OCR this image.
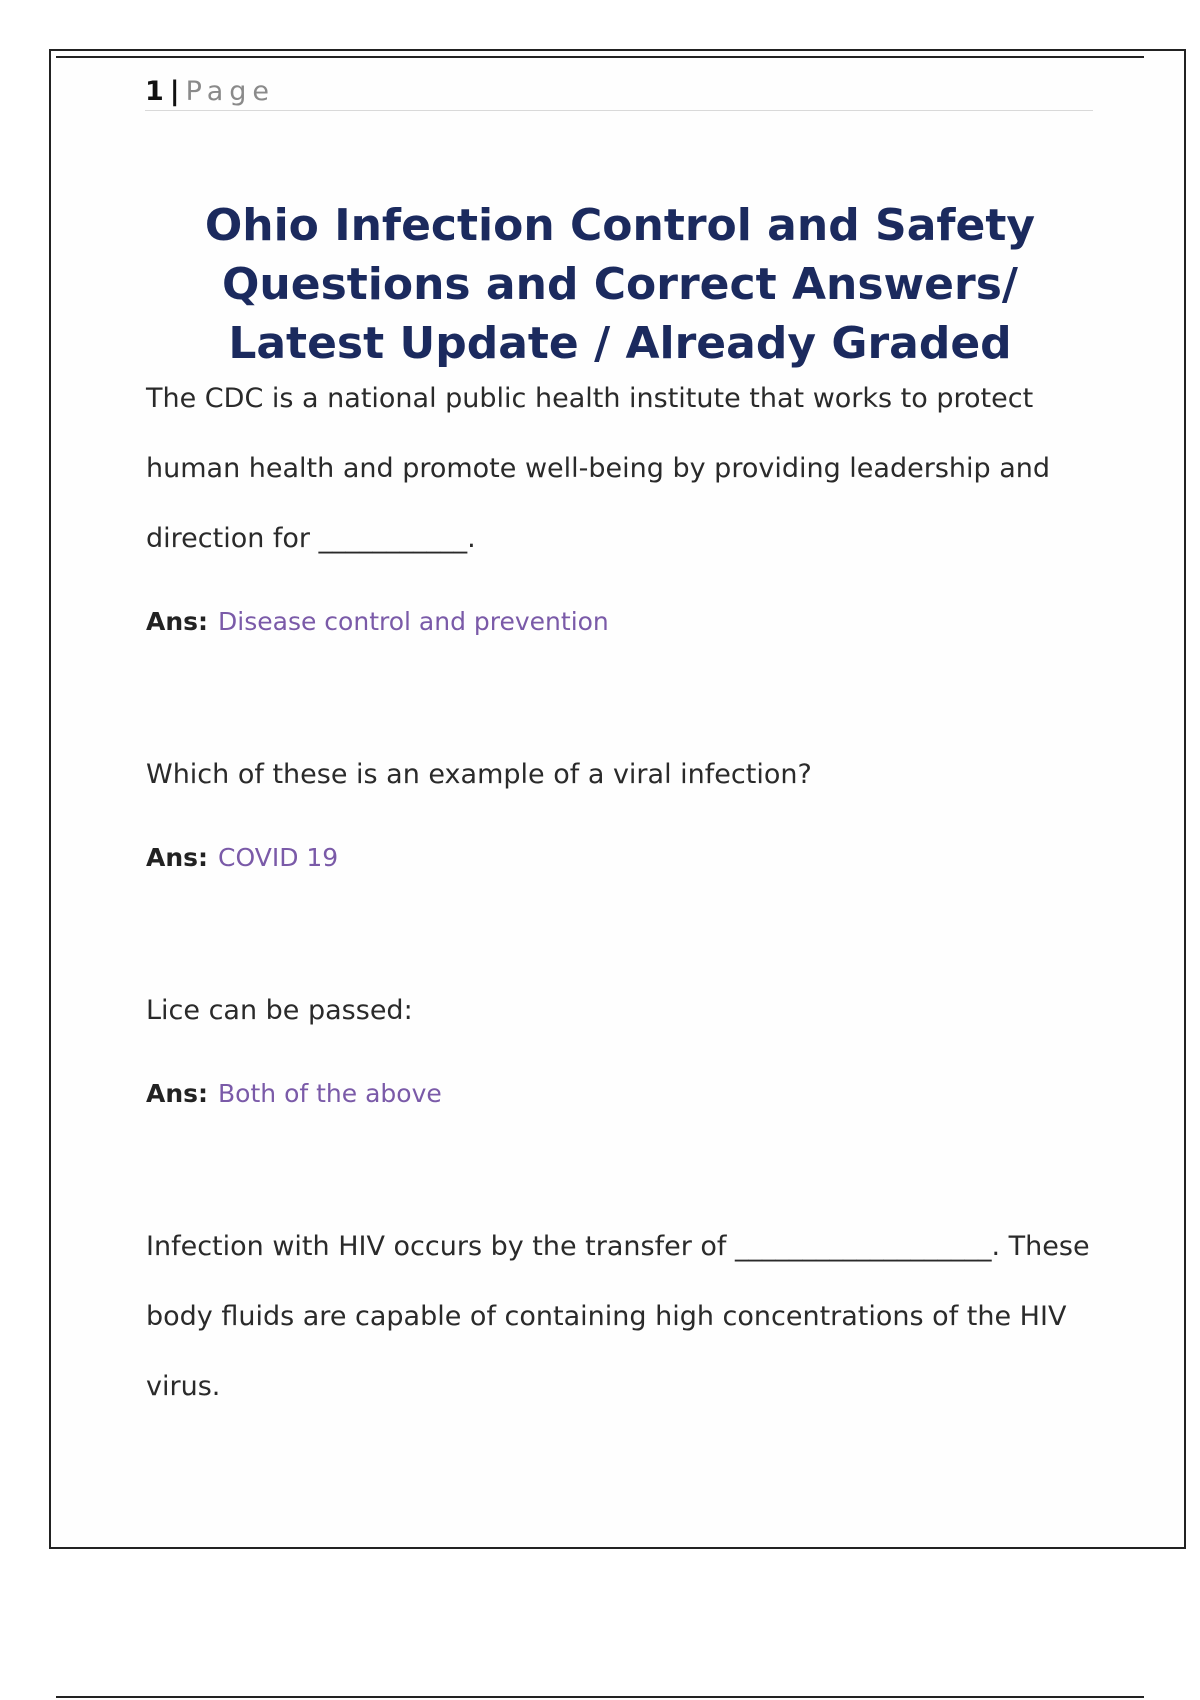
1 | Page
Ohio Infection Control and Safety Questions and Correct Answers/ Latest Update / Already Graded

The CDC is a national public health institute that works to protect human health and promote well-being by providing leadership and direction for ___________.

Ans: Disease control and prevention

Which of these is an example of a viral infection?

Ans: COVID 19

Lice can be passed:

Ans: Both of the above

Infection with HIV occurs by the transfer of ___________________. These body fluids are capable of containing high concentrations of the HIV virus.
